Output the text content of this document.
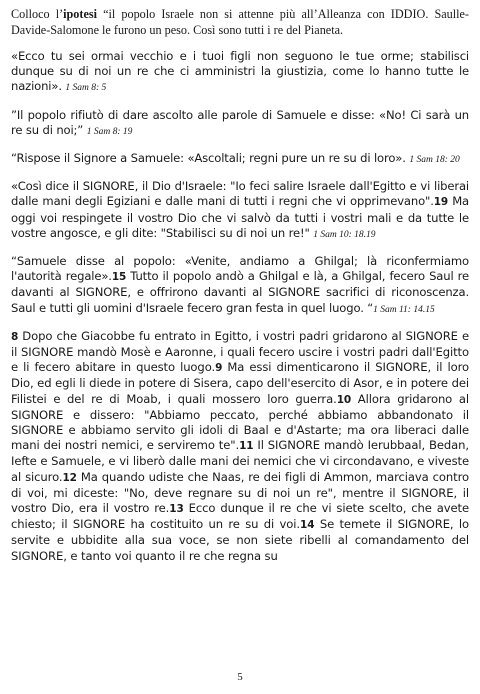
Colloco l’ipotesi “il popolo Israele non si attenne più all’Alleanza con IDDIO. Saulle-Davide-Salomone le furono un peso. Così sono tutti i re del Pianeta.

«Ecco tu sei ormai vecchio e i tuoi figli non seguono le tue orme; stabilisci dunque su di noi un re che ci amministri la giustizia, come lo hanno tutte le nazioni». 1 Sam 8: 5

”Il popolo rifiutò di dare ascolto alle parole di Samuele e disse: «No! Ci sarà un re su di noi;” 1 Sam 8: 19

“Rispose il Signore a Samuele: «Ascoltali; regni pure un re su di loro». 1 Sam 18: 20

«Così dice il SIGNORE, il Dio d'Israele: "Io feci salire Israele dall'Egitto e vi liberai dalle mani degli Egiziani e dalle mani di tutti i regni che vi opprimevano".19 Ma oggi voi respingete il vostro Dio che vi salvò da tutti i vostri mali e da tutte le vostre angosce, e gli dite: "Stabilisci su di noi un re!" 1 Sam 10: 18.19

“Samuele disse al popolo: «Venite, andiamo a Ghilgal; là riconfermiamo l'autorità regale».15 Tutto il popolo andò a Ghilgal e là, a Ghilgal, fecero Saul re davanti al SIGNORE, e offrirono davanti al SIGNORE sacrifici di riconoscenza. Saul e tutti gli uomini d'Israele fecero gran festa in quel luogo. “1 Sam 11: 14.15

8 Dopo che Giacobbe fu entrato in Egitto, i vostri padri gridarono al SIGNORE e il SIGNORE mandò Mosè e Aaronne, i quali fecero uscire i vostri padri dall'Egitto e li fecero abitare in questo luogo.9 Ma essi dimenticarono il SIGNORE, il loro Dio, ed egli li diede in potere di Sisera, capo dell'esercito di Asor, e in potere dei Filistei e del re di Moab, i quali mossero loro guerra.10 Allora gridarono al SIGNORE e dissero: "Abbiamo peccato, perché abbiamo abbandonato il SIGNORE e abbiamo servito gli idoli di Baal e d'Astarte; ma ora liberaci dalle mani dei nostri nemici, e serviremo te".11 Il SIGNORE mandò Ierubbaal, Bedan, Iefte e Samuele, e vi liberò dalle mani dei nemici che vi circondavano, e viveste al sicuro.12 Ma quando udiste che Naas, re dei figli di Ammon, marciava contro di voi, mi diceste: "No, deve regnare su di noi un re", mentre il SIGNORE, il vostro Dio, era il vostro re.13 Ecco dunque il re che vi siete scelto, che avete chiesto; il SIGNORE ha costituito un re su di voi.14 Se temete il SIGNORE, lo servite e ubbidite alla sua voce, se non siete ribelli al comandamento del SIGNORE, e tanto voi quanto il re che regna su

5
